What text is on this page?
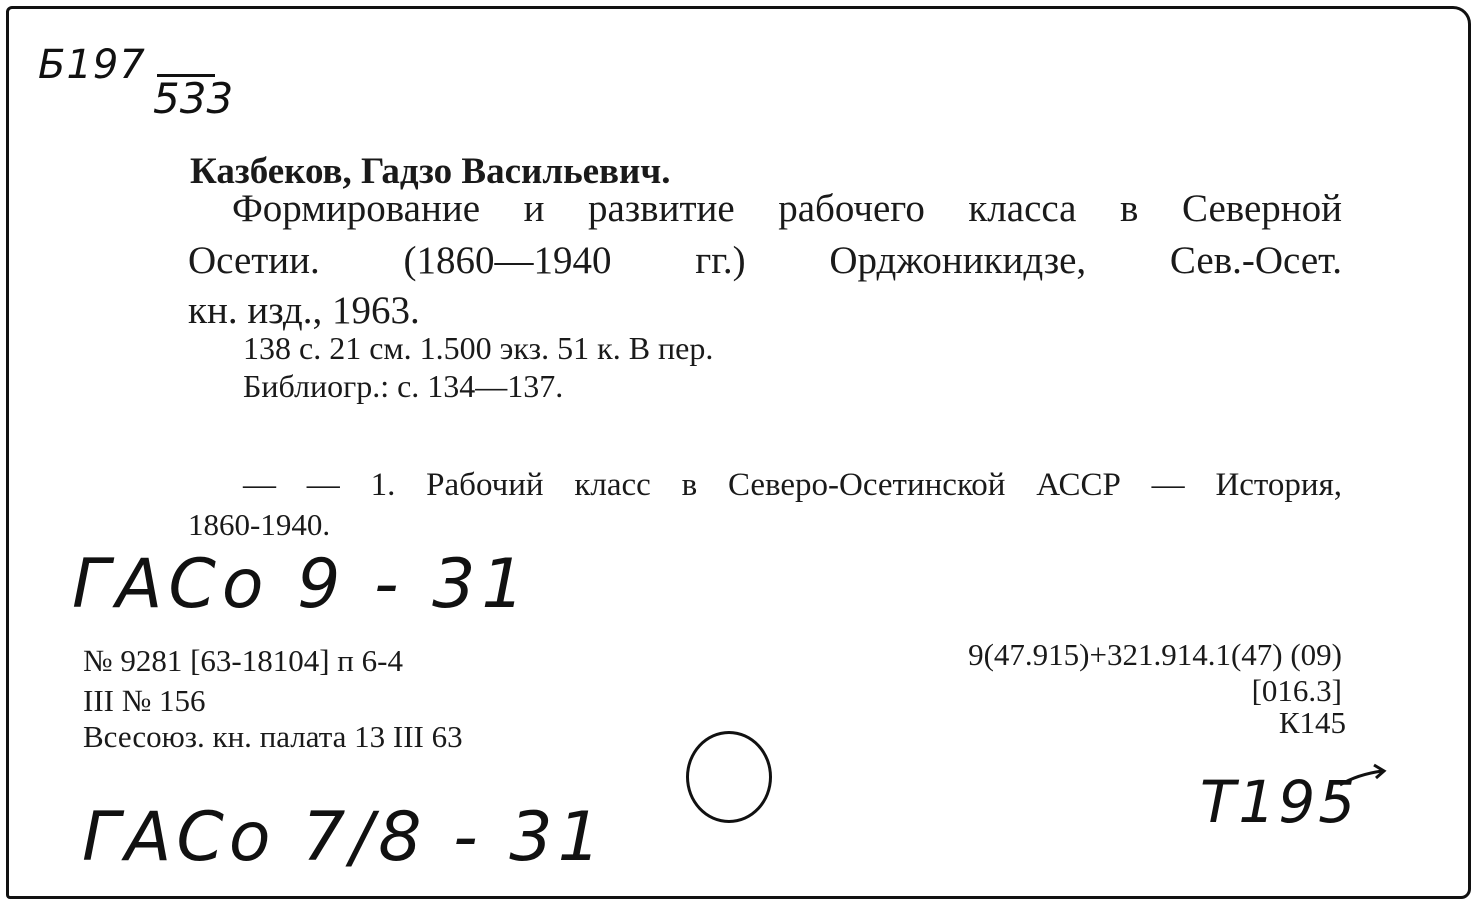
Б197
533
Казбеков, Гадзо Васильевич.
Формирование и развитие рабочего класса в Северной
Осетии. (1860—1940 гг.) Орджоникидзе, Сев.-Осет.
кн. изд., 1963.
138 с. 21 см. 1.500 экз. 51 к. В пер.
Библиогр.: с. 134—137.
— — 1. Рабочий класс в Северо-Осетинской АССР — История,
1860-1940.
ГАСо 9 - 31
№ 9281 [63-18104] п 6-4
III № 156
Всесоюз. кн. палата 13 III 63
9(47.915)+321.914.1(47) (09)
[016.3]
К145
Т195
ГАСо 7/8 - 31
